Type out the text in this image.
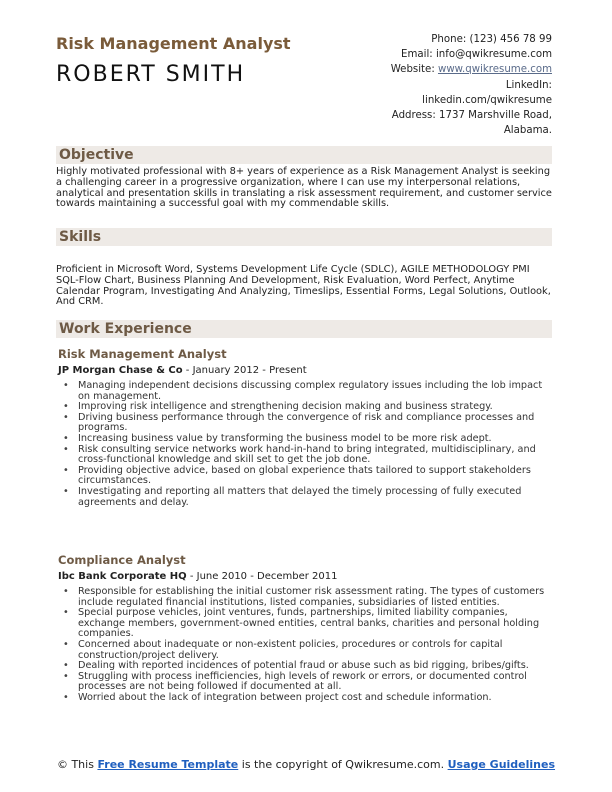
Risk Management Analyst
ROBERT SMITH
Phone: (123) 456 78 99
Email: info@qwikresume.com
Website: www.qwikresume.com
LinkedIn:
linkedin.com/qwikresume
Address: 1737 Marshville Road,
Alabama.
Objective
Highly motivated professional with 8+ years of experience as a Risk Management Analyst is seeking a challenging career in a progressive organization, where I can use my interpersonal relations, analytical and presentation skills in translating a risk assessment requirement, and customer service towards maintaining a successful goal with my commendable skills.
Skills
Proficient in Microsoft Word, Systems Development Life Cycle (SDLC), AGILE METHODOLOGY PMI SQL-Flow Chart, Business Planning And Development, Risk Evaluation, Word Perfect, Anytime Calendar Program, Investigating And Analyzing, Timeslips, Essential Forms, Legal Solutions, Outlook, And CRM.
Work Experience
Risk Management Analyst
JP Morgan Chase & Co - January 2012 - Present
• Managing independent decisions discussing complex regulatory issues including the lob impact on management.
• Improving risk intelligence and strengthening decision making and business strategy.
• Driving business performance through the convergence of risk and compliance processes and programs.
• Increasing business value by transforming the business model to be more risk adept.
• Risk consulting service networks work hand-in-hand to bring integrated, multidisciplinary, and cross-functional knowledge and skill set to get the job done.
• Providing objective advice, based on global experience thats tailored to support stakeholders circumstances.
• Investigating and reporting all matters that delayed the timely processing of fully executed agreements and delay.
Compliance Analyst
Ibc Bank Corporate HQ - June 2010 - December 2011
• Responsible for establishing the initial customer risk assessment rating. The types of customers include regulated financial institutions, listed companies, subsidiaries of listed entities.
• Special purpose vehicles, joint ventures, funds, partnerships, limited liability companies, exchange members, government-owned entities, central banks, charities and personal holding companies.
• Concerned about inadequate or non-existent policies, procedures or controls for capital construction/project delivery.
• Dealing with reported incidences of potential fraud or abuse such as bid rigging, bribes/gifts.
• Struggling with process inefficiencies, high levels of rework or errors, or documented control processes are not being followed if documented at all.
• Worried about the lack of integration between project cost and schedule information.
© This Free Resume Template is the copyright of Qwikresume.com. Usage Guidelines
